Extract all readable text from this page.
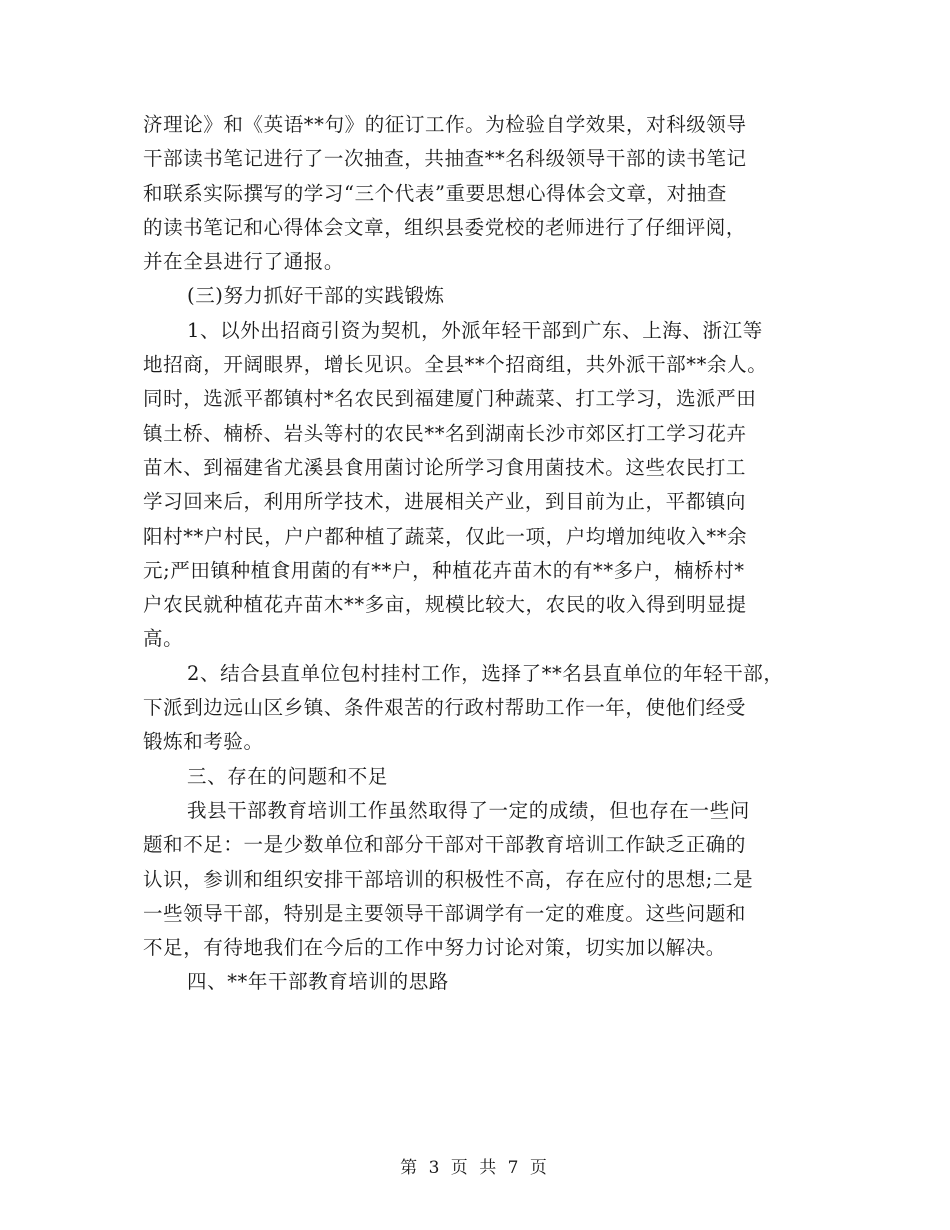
济理论》和《英语**句》的征订工作。为检验自学效果，对科级领导
干部读书笔记进行了一次抽查，共抽查**名科级领导干部的读书笔记
和联系实际撰写的学习“三个代表”重要思想心得体会文章，对抽查
的读书笔记和心得体会文章，组织县委党校的老师进行了仔细评阅，
并在全县进行了通报。
(三)努力抓好干部的实践锻炼
1、以外出招商引资为契机，外派年轻干部到广东、上海、浙江等
地招商，开阔眼界，增长见识。全县**个招商组，共外派干部**余人。
同时，选派平都镇村*名农民到福建厦门种蔬菜、打工学习，选派严田
镇土桥、楠桥、岩头等村的农民**名到湖南长沙市郊区打工学习花卉
苗木、到福建省尤溪县食用菌讨论所学习食用菌技术。这些农民打工
学习回来后，利用所学技术，进展相关产业，到目前为止，平都镇向
阳村**户村民，户户都种植了蔬菜，仅此一项，户均增加纯收入**余
元;严田镇种植食用菌的有**户，种植花卉苗木的有**多户，楠桥村*
户农民就种植花卉苗木**多亩，规模比较大，农民的收入得到明显提
高。
2、结合县直单位包村挂村工作，选择了**名县直单位的年轻干部，
下派到边远山区乡镇、条件艰苦的行政村帮助工作一年，使他们经受
锻炼和考验。
三、存在的问题和不足
我县干部教育培训工作虽然取得了一定的成绩，但也存在一些问
题和不足：一是少数单位和部分干部对干部教育培训工作缺乏正确的
认识，参训和组织安排干部培训的积极性不高，存在应付的思想;二是
一些领导干部，特别是主要领导干部调学有一定的难度。这些问题和
不足，有待地我们在今后的工作中努力讨论对策，切实加以解决。
四、**年干部教育培训的思路
第 3 页 共 7 页
